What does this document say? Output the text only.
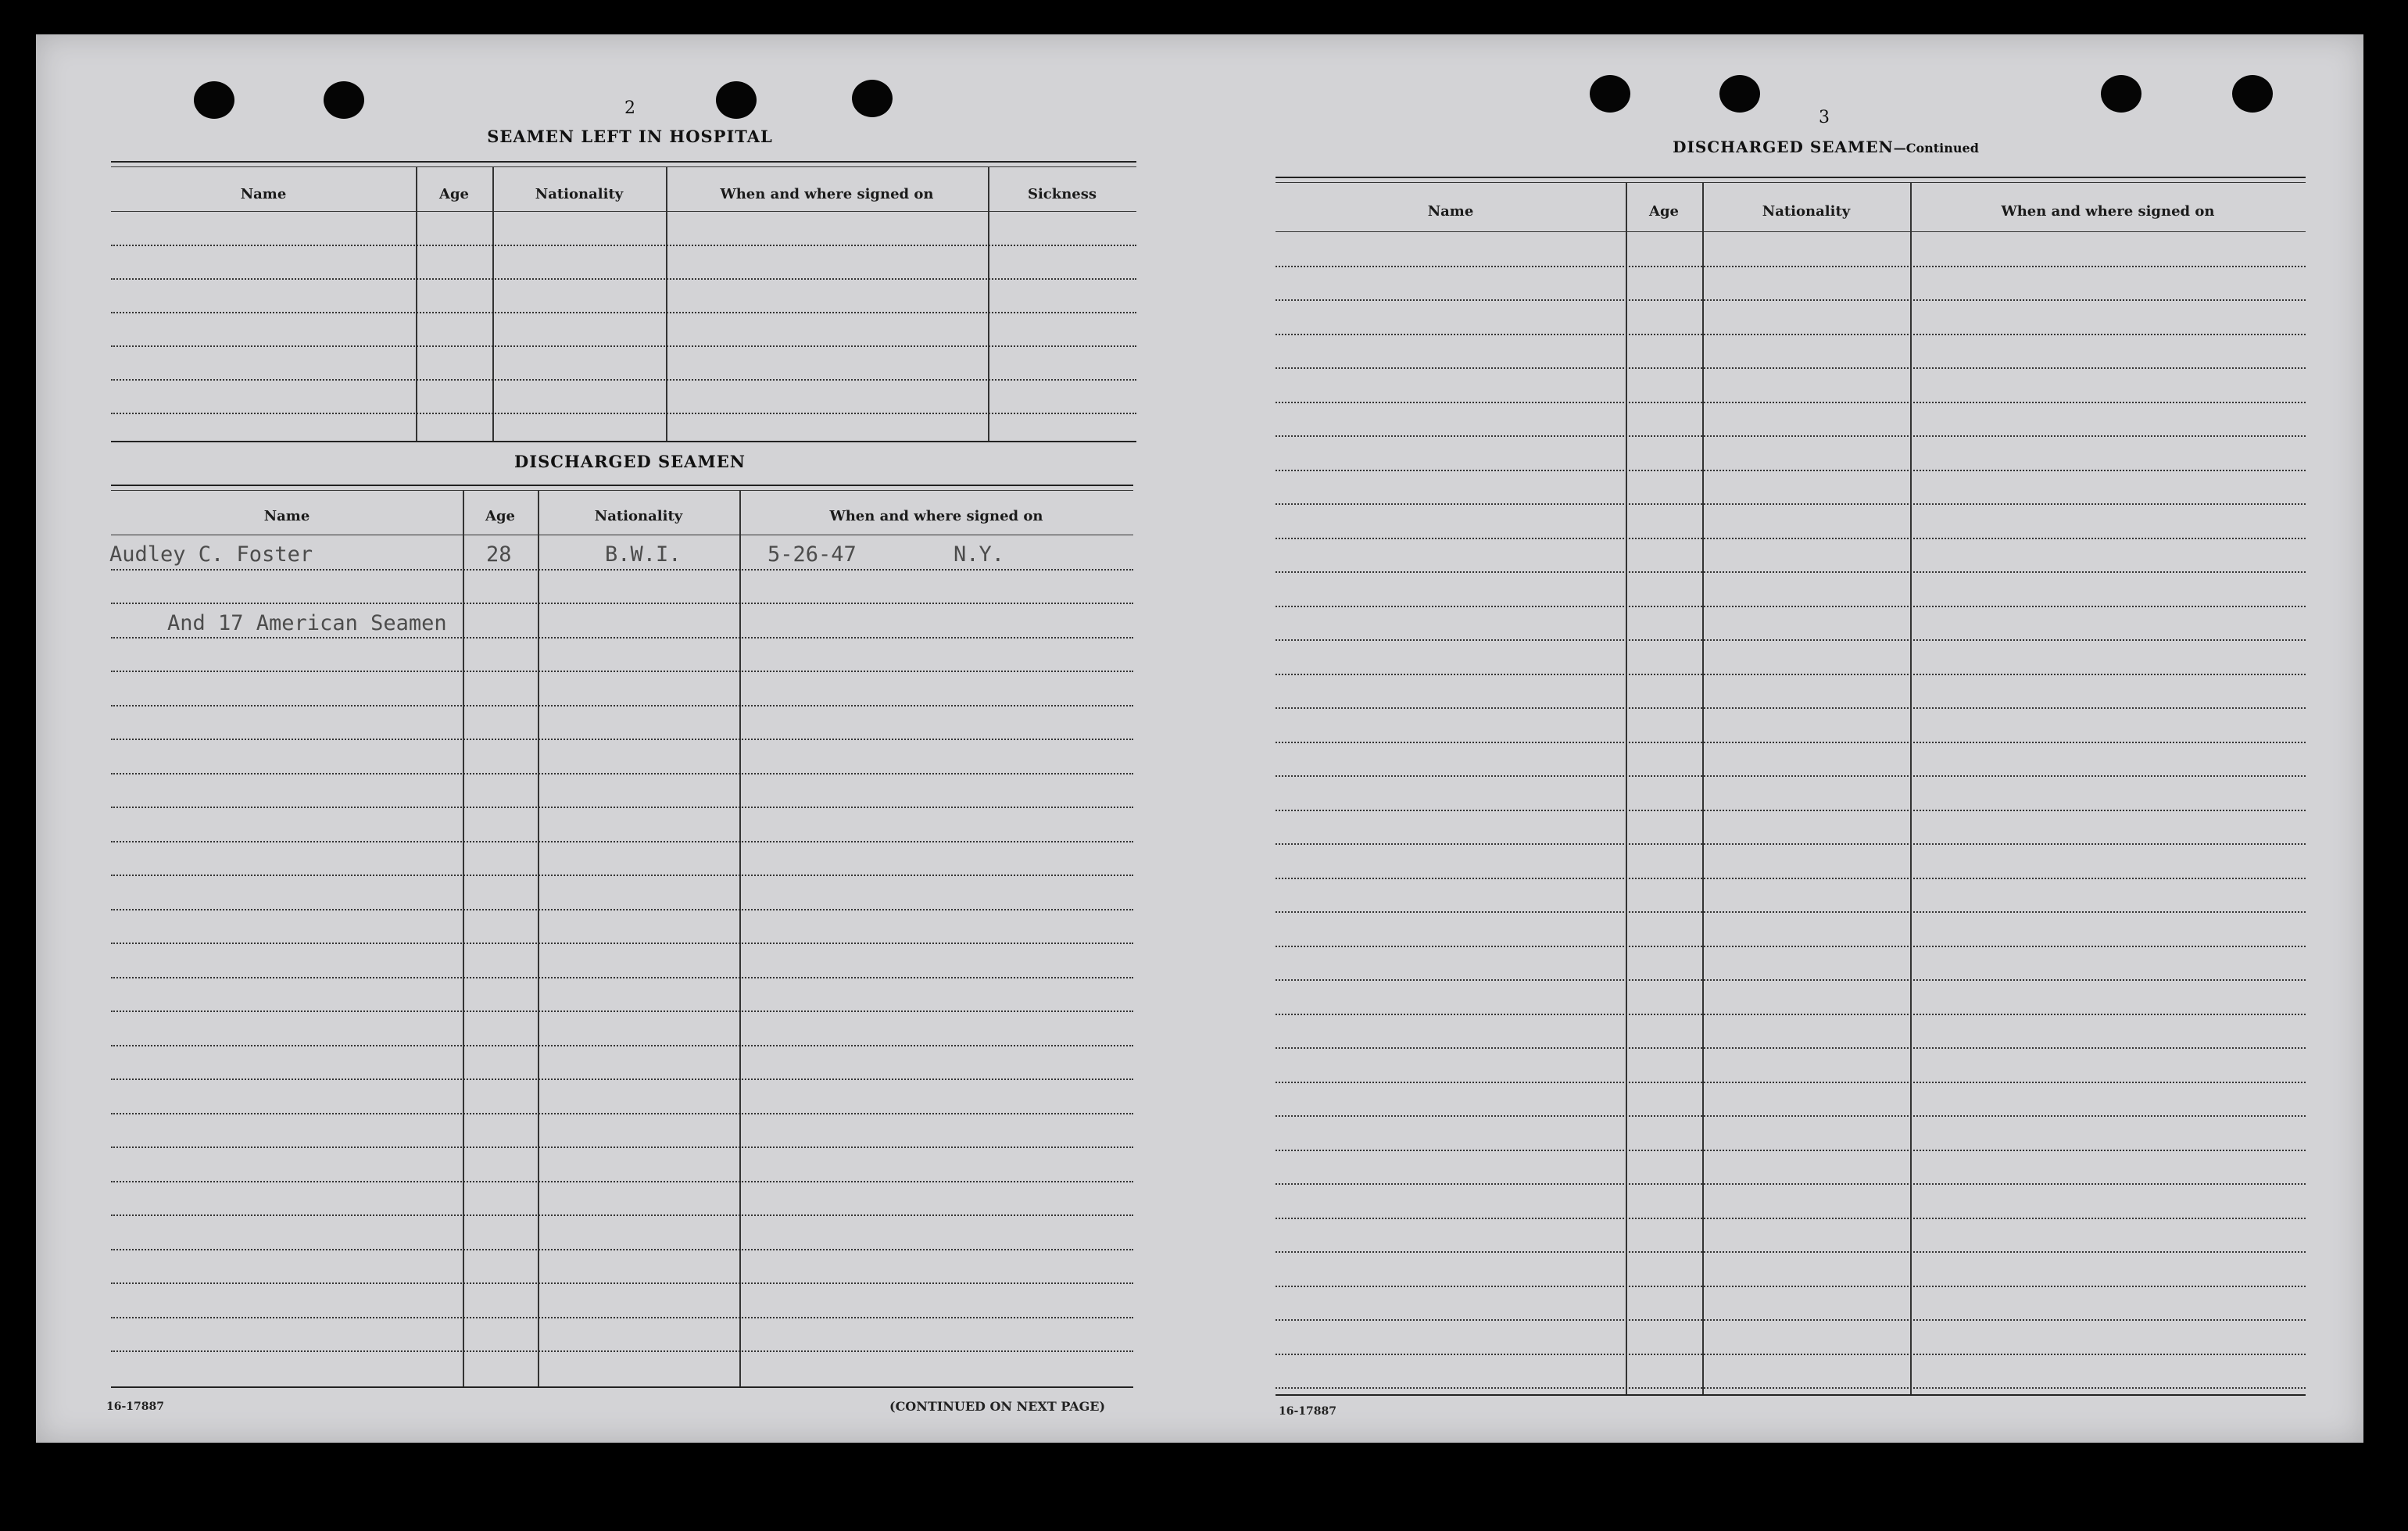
2
SEAMEN LEFT IN HOSPITAL
DISCHARGED SEAMEN
Audley C. Foster	28	B.W.I.	5-26-47	N.Y.
And 17 American Seamen
16-17887	(CONTINUED ON NEXT PAGE)
3
DISCHARGED SEAMEN—Continued
16-17887
Name	Age	Nationality	When and where signed on	Sickness
Name	Age	Nationality	When and where signed on
Name	Age	Nationality	When and where signed on
